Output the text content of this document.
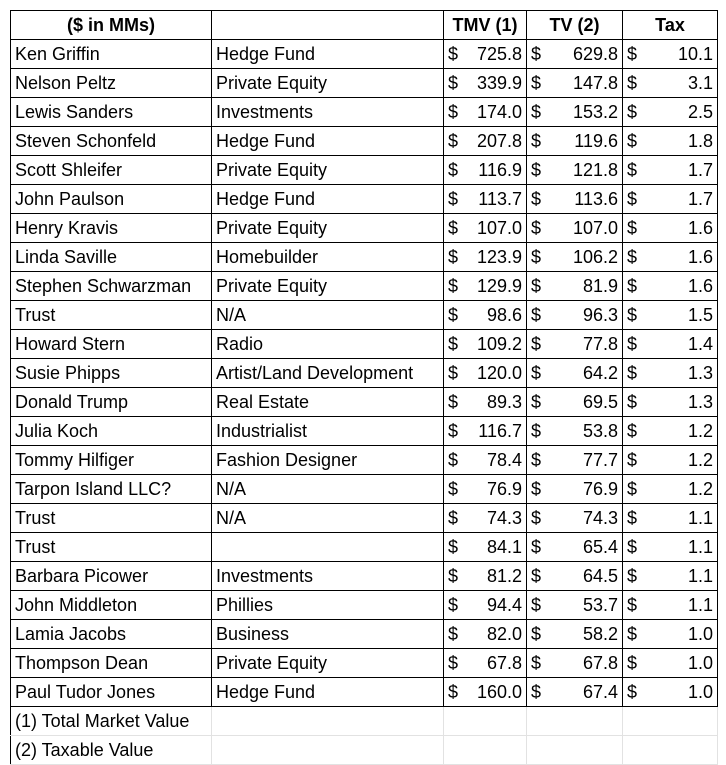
($ in MMs)		TMV (1)	TV (2)	Tax
Ken Griffin	Hedge Fund	$ 725.8	$ 629.8	$ 10.1

Nelson Peltz	Private Equity	$ 339.9	$ 147.8	$ 3.1

Lewis Sanders	Investments	$ 174.0	$ 153.2	$ 2.5

Steven Schonfeld	Hedge Fund	$ 207.8	$ 119.6	$ 1.8

Scott Shleifer	Private Equity	$ 116.9	$ 121.8	$ 1.7

John Paulson	Hedge Fund	$ 113.7	$ 113.6	$ 1.7

Henry Kravis	Private Equity	$ 107.0	$ 107.0	$ 1.6

Linda Saville	Homebuilder	$ 123.9	$ 106.2	$ 1.6

Stephen Schwarzman	Private Equity	$ 129.9	$ 81.9	$ 1.6

Trust	N/A	$ 98.6	$ 96.3	$ 1.5

Howard Stern	Radio	$ 109.2	$ 77.8	$ 1.4

Susie Phipps	Artist/Land Development	$ 120.0	$ 64.2	$ 1.3

Donald Trump	Real Estate	$ 89.3	$ 69.5	$ 1.3

Julia Koch	Industrialist	$ 116.7	$ 53.8	$ 1.2

Tommy Hilfiger	Fashion Designer	$ 78.4	$ 77.7	$ 1.2

Tarpon Island LLC?	N/A	$ 76.9	$ 76.9	$ 1.2

Trust	N/A	$ 74.3	$ 74.3	$ 1.1

Trust		$ 84.1	$ 65.4	$ 1.1

Barbara Picower	Investments	$ 81.2	$ 64.5	$ 1.1

John Middleton	Phillies	$ 94.4	$ 53.7	$ 1.1

Lamia Jacobs	Business	$ 82.0	$ 58.2	$ 1.0

Thompson Dean	Private Equity	$ 67.8	$ 67.8	$ 1.0

Paul Tudor Jones	Hedge Fund	$ 160.0	$ 67.4	$ 1.0

(1) Total Market Value				
(2) Taxable Value				
